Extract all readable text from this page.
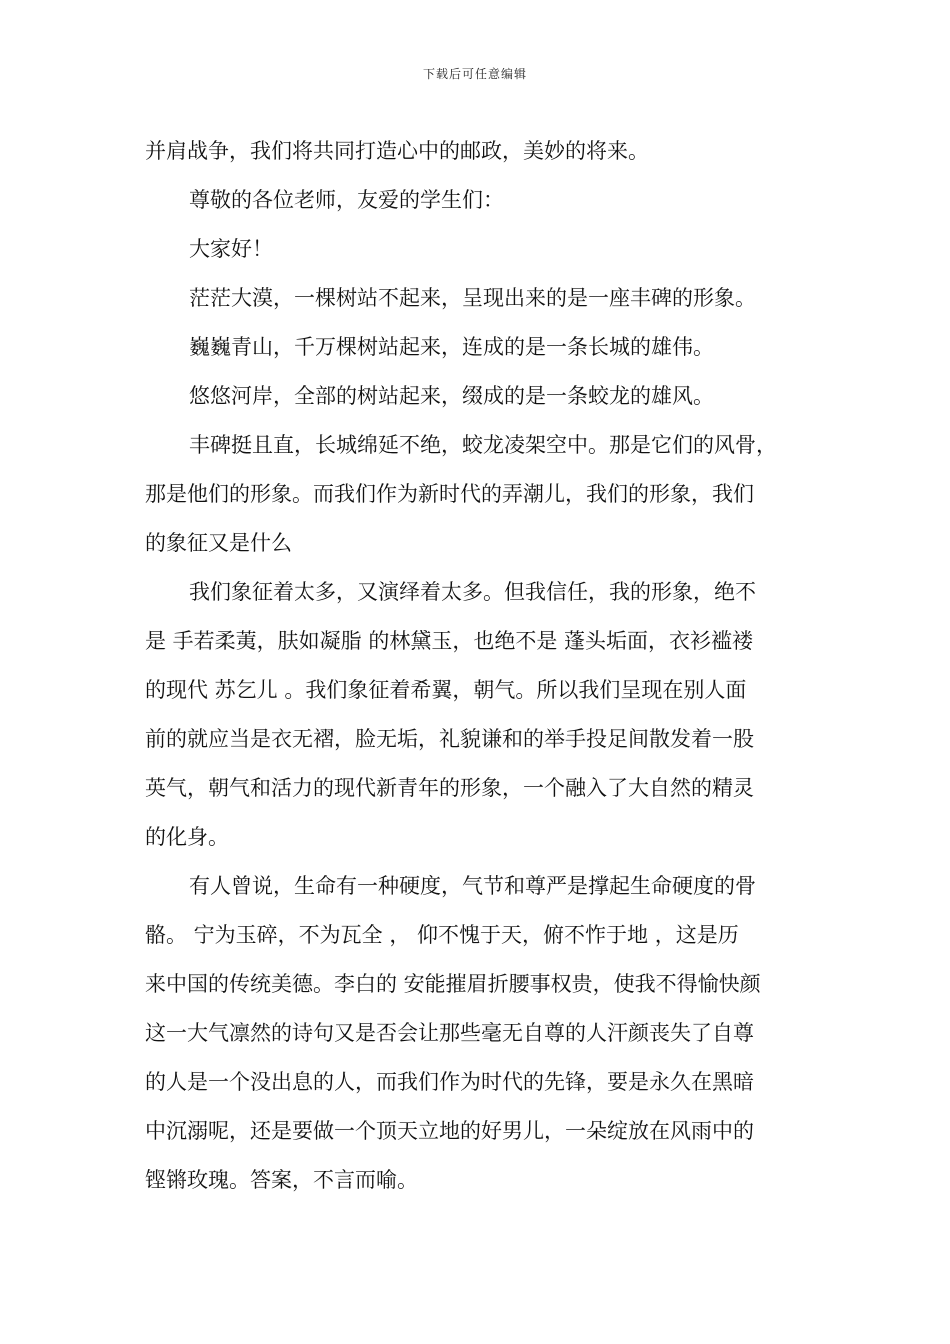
下载后可任意编辑

并肩战争，我们将共同打造心中的邮政，美妙的将来。

尊敬的各位老师，友爱的学生们：

大家好！

茫茫大漠，一棵树站不起来，呈现出来的是一座丰碑的形象。

巍巍青山，千万棵树站起来，连成的是一条长城的雄伟。

悠悠河岸，全部的树站起来，缀成的是一条蛟龙的雄风。

丰碑挺且直，长城绵延不绝，蛟龙凌架空中。那是它们的风骨，
那是他们的形象。而我们作为新时代的弄潮儿，我们的形象，我们
的象征又是什么

我们象征着太多，又演绎着太多。但我信任，我的形象，绝不
是 手若柔荑，肤如凝脂 的林黛玉，也绝不是 蓬头垢面，衣衫褴褛
的现代 苏乞儿 。我们象征着希翼，朝气。所以我们呈现在别人面
前的就应当是衣无褶，脸无垢，礼貌谦和的举手投足间散发着一股
英气，朝气和活力的现代新青年的形象，一个融入了大自然的精灵
的化身。

有人曾说，生命有一种硬度，气节和尊严是撑起生命硬度的骨
骼。 宁为玉碎，不为瓦全 ， 仰不愧于天，俯不怍于地 ，这是历
来中国的传统美德。李白的 安能摧眉折腰事权贵，使我不得愉快颜
这一大气凛然的诗句又是否会让那些毫无自尊的人汗颜丧失了自尊
的人是一个没出息的人，而我们作为时代的先锋，要是永久在黑暗
中沉溺呢，还是要做一个顶天立地的好男儿，一朵绽放在风雨中的
铿锵玫瑰。答案，不言而喻。
